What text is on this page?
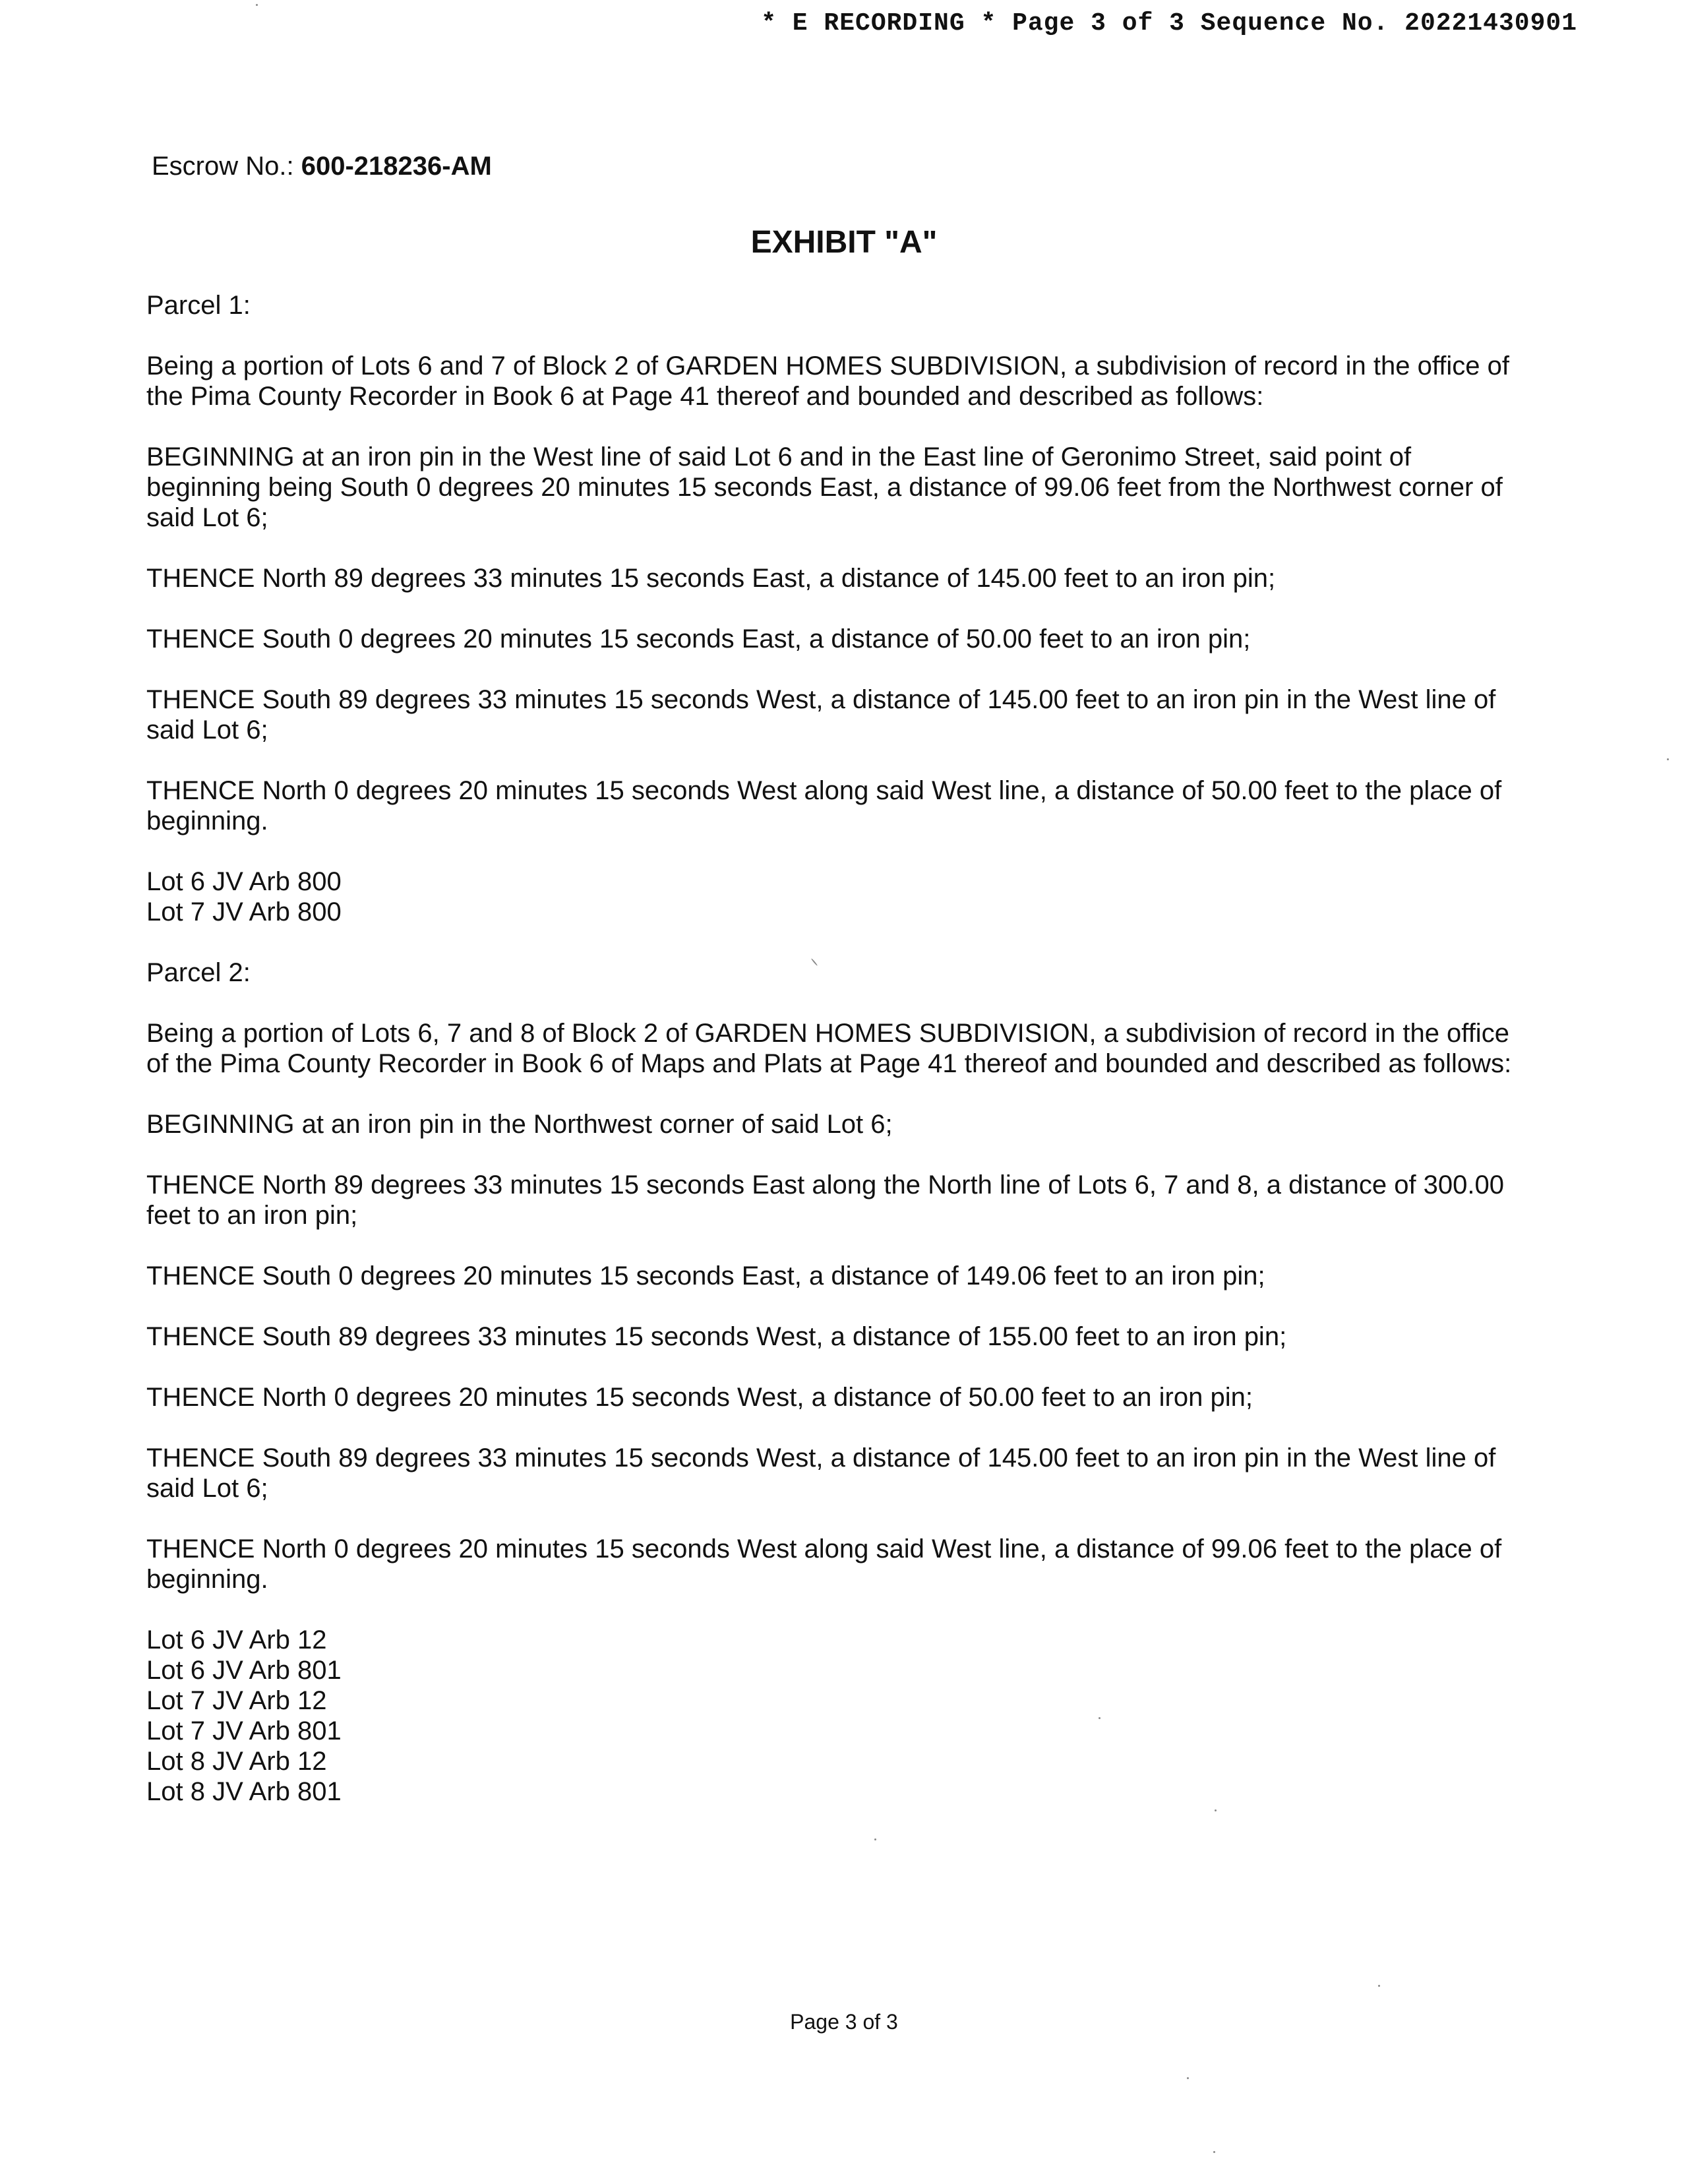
* E RECORDING * Page 3 of 3 Sequence No. 20221430901
Escrow No.: 600-218236-AM
EXHIBIT "A"

Parcel 1:

Being a portion of Lots 6 and 7 of Block 2 of GARDEN HOMES SUBDIVISION, a subdivision of record in the office of the Pima County Recorder in Book 6 at Page 41 thereof and bounded and described as follows:

BEGINNING at an iron pin in the West line of said Lot 6 and in the East line of Geronimo Street, said point of beginning being South 0 degrees 20 minutes 15 seconds East, a distance of 99.06 feet from the Northwest corner of said Lot 6;

THENCE North 89 degrees 33 minutes 15 seconds East, a distance of 145.00 feet to an iron pin;

THENCE South 0 degrees 20 minutes 15 seconds East, a distance of 50.00 feet to an iron pin;

THENCE South 89 degrees 33 minutes 15 seconds West, a distance of 145.00 feet to an iron pin in the West line of said Lot 6;

THENCE North 0 degrees 20 minutes 15 seconds West along said West line, a distance of 50.00 feet to the place of beginning.

Lot 6 JV Arb 800
Lot 7 JV Arb 800

Parcel 2:

Being a portion of Lots 6, 7 and 8 of Block 2 of GARDEN HOMES SUBDIVISION, a subdivision of record in the office of the Pima County Recorder in Book 6 of Maps and Plats at Page 41 thereof and bounded and described as follows:

BEGINNING at an iron pin in the Northwest corner of said Lot 6;

THENCE North 89 degrees 33 minutes 15 seconds East along the North line of Lots 6, 7 and 8, a distance of 300.00 feet to an iron pin;

THENCE South 0 degrees 20 minutes 15 seconds East, a distance of 149.06 feet to an iron pin;

THENCE South 89 degrees 33 minutes 15 seconds West, a distance of 155.00 feet to an iron pin;

THENCE North 0 degrees 20 minutes 15 seconds West, a distance of 50.00 feet to an iron pin;

THENCE South 89 degrees 33 minutes 15 seconds West, a distance of 145.00 feet to an iron pin in the West line of said Lot 6;

THENCE North 0 degrees 20 minutes 15 seconds West along said West line, a distance of 99.06 feet to the place of beginning.

Lot 6 JV Arb 12
Lot 6 JV Arb 801
Lot 7 JV Arb 12
Lot 7 JV Arb 801
Lot 8 JV Arb 12
Lot 8 JV Arb 801
Page 3 of 3
